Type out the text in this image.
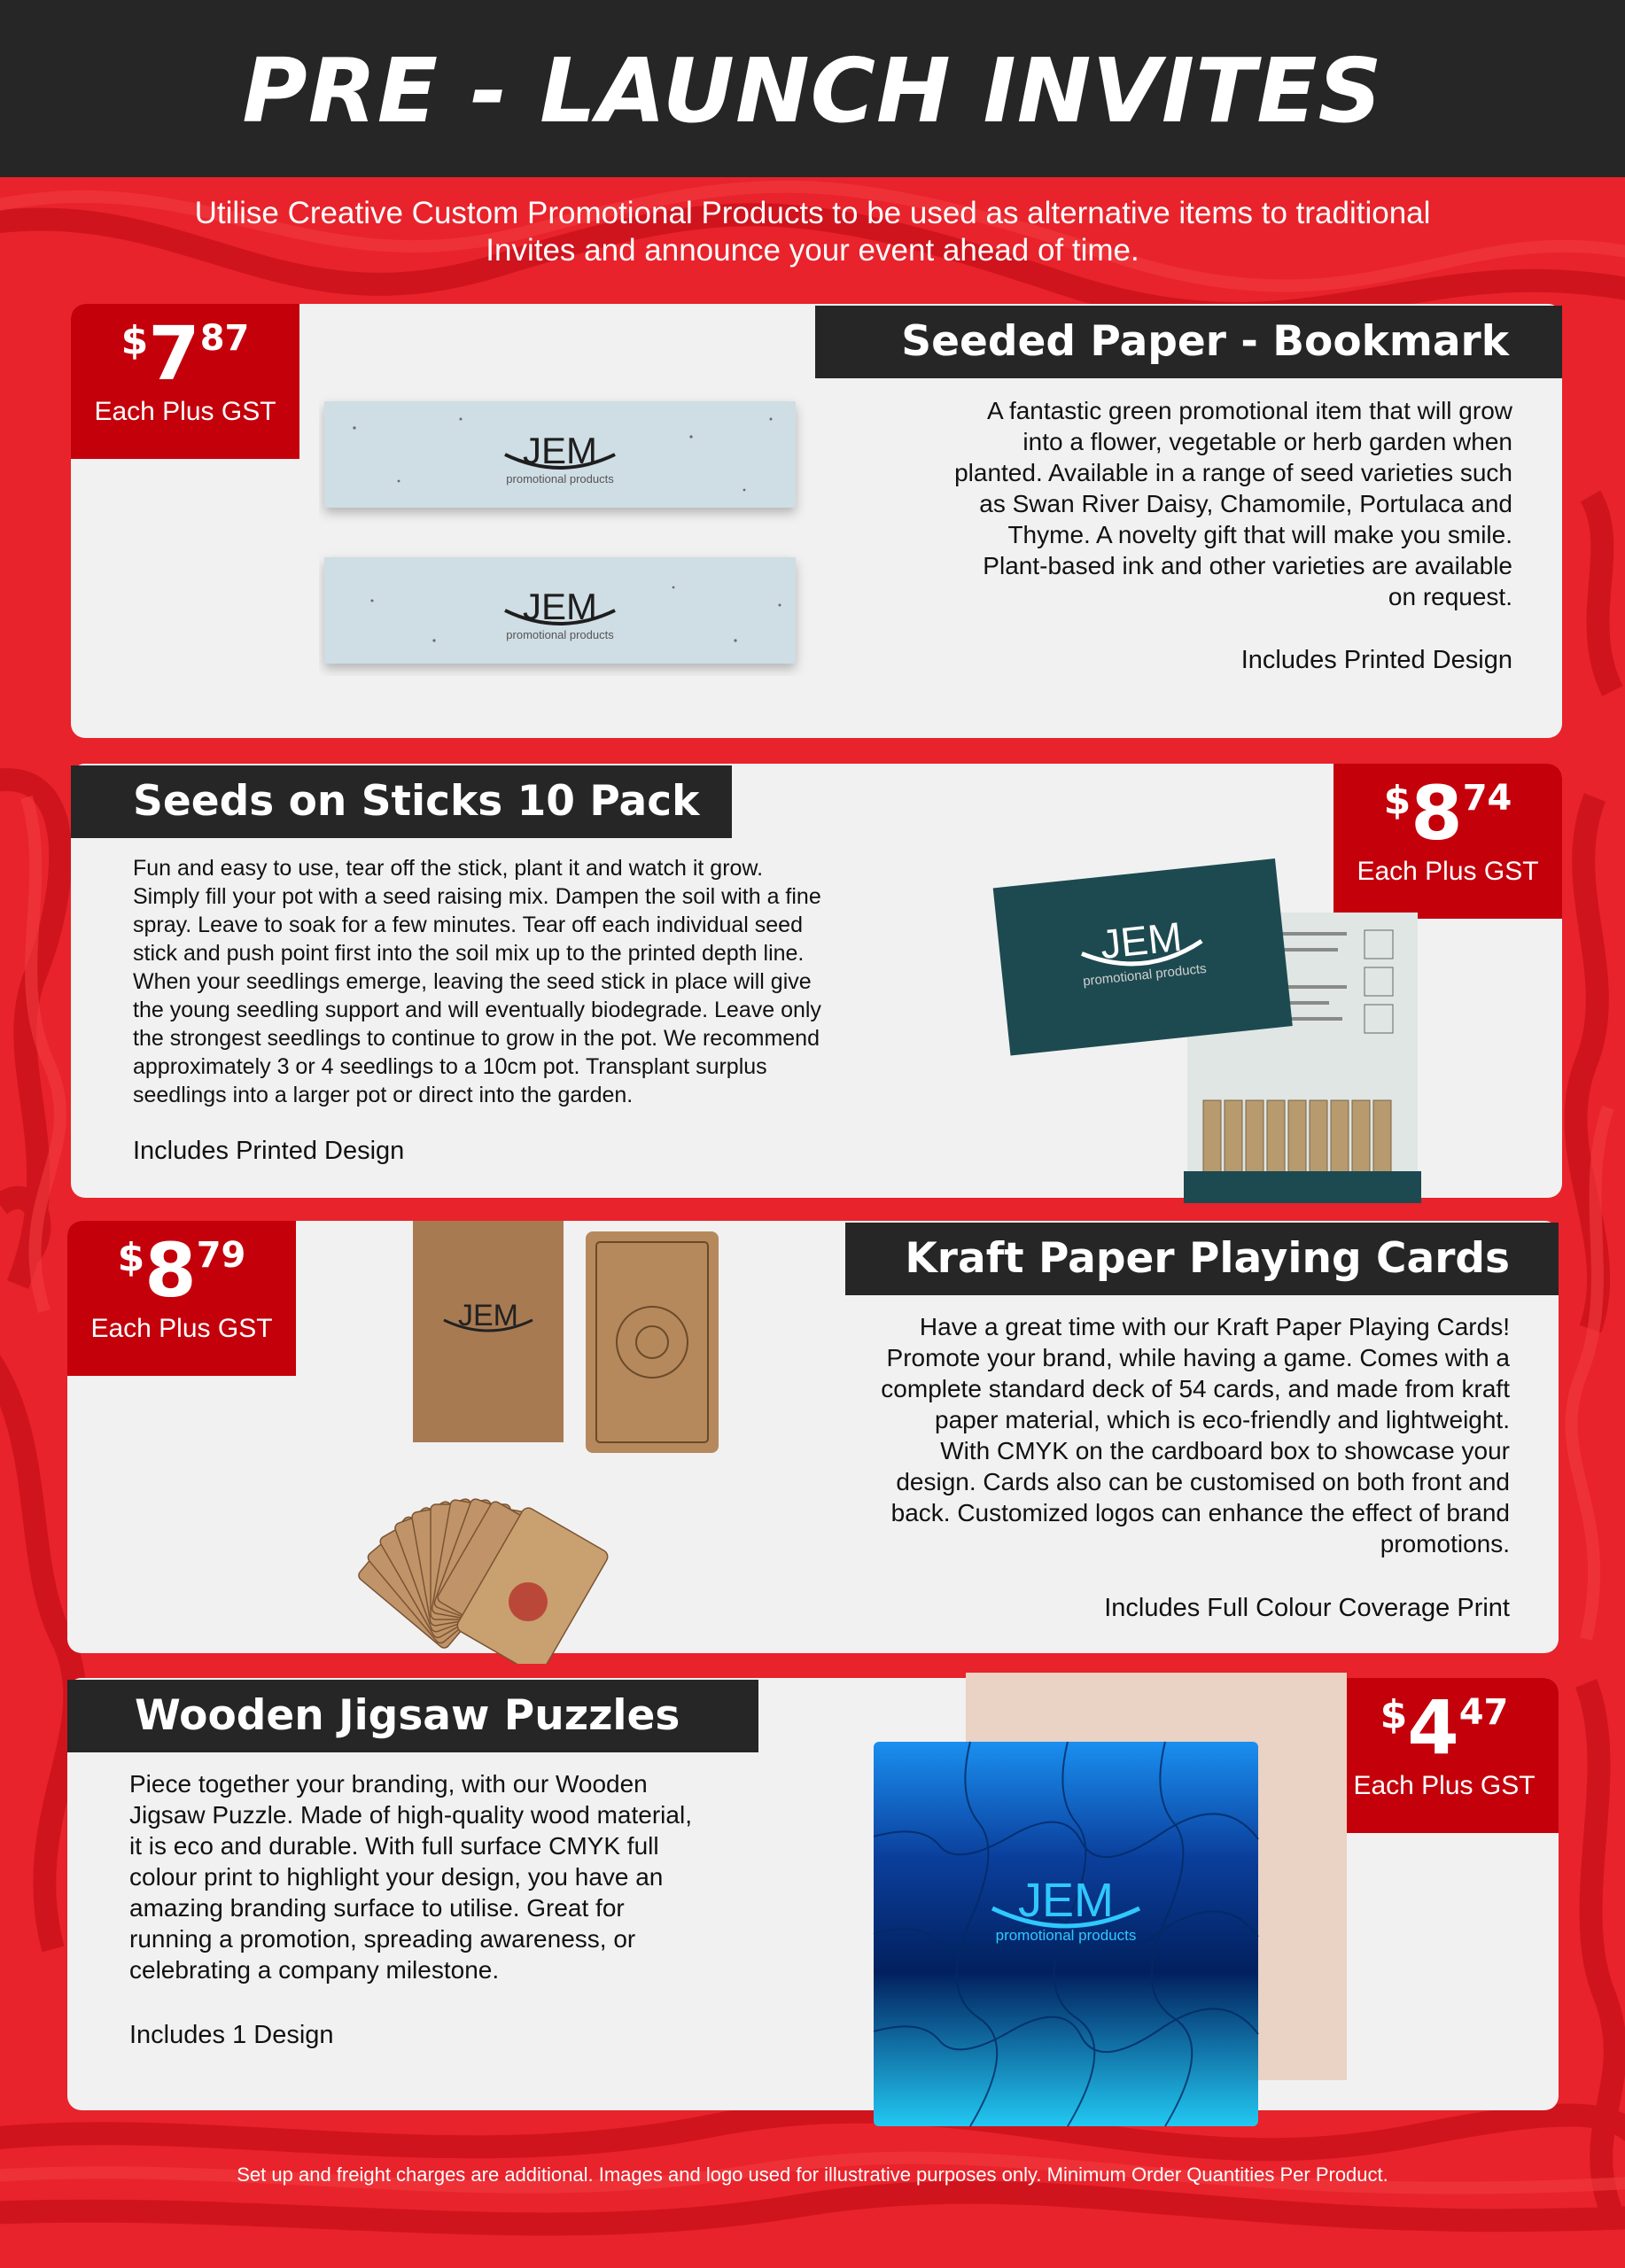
PRE - LAUNCH INVITES
Utilise Creative Custom Promotional Products to be used as alternative items to traditional Invites and announce your event ahead of time.
$787
Each Plus GST
Seeded Paper - Bookmark
JEM
promotional products
JEM
promotional products
A fantastic green promotional item that will grow
into a flower, vegetable or herb garden when
planted. Available in a range of seed varieties such
as Swan River Daisy, Chamomile, Portulaca and
Thyme. A novelty gift that will make you smile.
Plant-based ink and other varieties are available
on request.
Includes Printed Design
Seeds on Sticks 10 Pack	$874
Each Plus GST
Fun and easy to use, tear off the stick, plant it and watch it grow.
Simply fill your pot with a seed raising mix. Dampen the soil with a fine
spray. Leave to soak for a few minutes. Tear off each individual seed
stick and push point first into the soil mix up to the printed depth line.
When your seedlings emerge, leaving the seed stick in place will give
the young seedling support and will eventually biodegrade. Leave only
the strongest seedlings to continue to grow in the pot. We recommend
approximately 3 or 4 seedlings to a 10cm pot. Transplant surplus
seedlings into a larger pot or direct into the garden.
Includes Printed Design
JEM
promotional products
$879
Each Plus GST
Kraft Paper Playing Cards
JEM	Have a great time with our Kraft Paper Playing Cards!
Promote your brand, while having a game. Comes with a
complete standard deck of 54 cards, and made from kraft
paper material, which is eco-friendly and lightweight.
With CMYK on the cardboard box to showcase your
design. Cards also can be customised on both front and
back. Customized logos can enhance the effect of brand
promotions.
Includes Full Colour Coverage Print
Wooden Jigsaw Puzzles	$447
Each Plus GST
Piece together your branding, with our Wooden
Jigsaw Puzzle. Made of high-quality wood material,
it is eco and durable. With full surface CMYK full
colour print to highlight your design, you have an
amazing branding surface to utilise. Great for
running a promotion, spreading awareness, or
celebrating a company milestone.
Includes 1 Design
JEM
promotional products
Set up and freight charges are additional. Images and logo used for illustrative purposes only. Minimum Order Quantities Per Product.
